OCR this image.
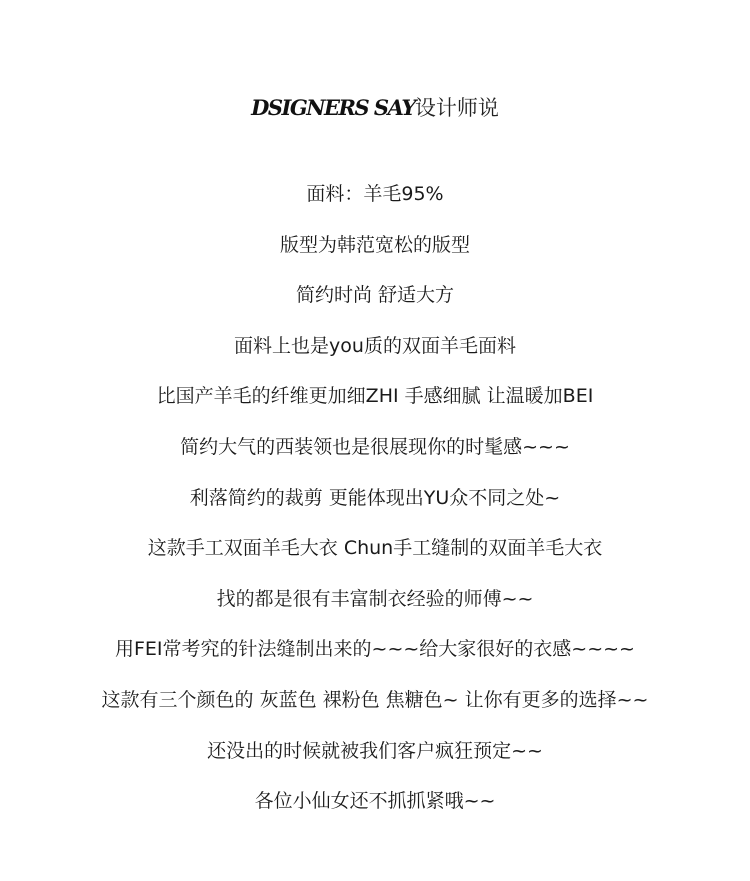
DSIGNERS SAY设计师说
面料：羊毛95%
版型为韩范宽松的版型
简约时尚 舒适大方
面料上也是you质的双面羊毛面料
比国产羊毛的纤维更加细ZHI 手感细腻 让温暖加BEI
简约大气的西装领也是很展现你的时髦感~~~
利落简约的裁剪 更能体现出YU众不同之处~
这款手工双面羊毛大衣 Chun手工缝制的双面羊毛大衣
找的都是很有丰富制衣经验的师傅~~
用FEI常考究的针法缝制出来的~~~给大家很好的衣感~~~~
这款有三个颜色的 灰蓝色 裸粉色 焦糖色~ 让你有更多的选择~~
还没出的时候就被我们客户疯狂预定~~
各位小仙女还不抓抓紧哦~~
